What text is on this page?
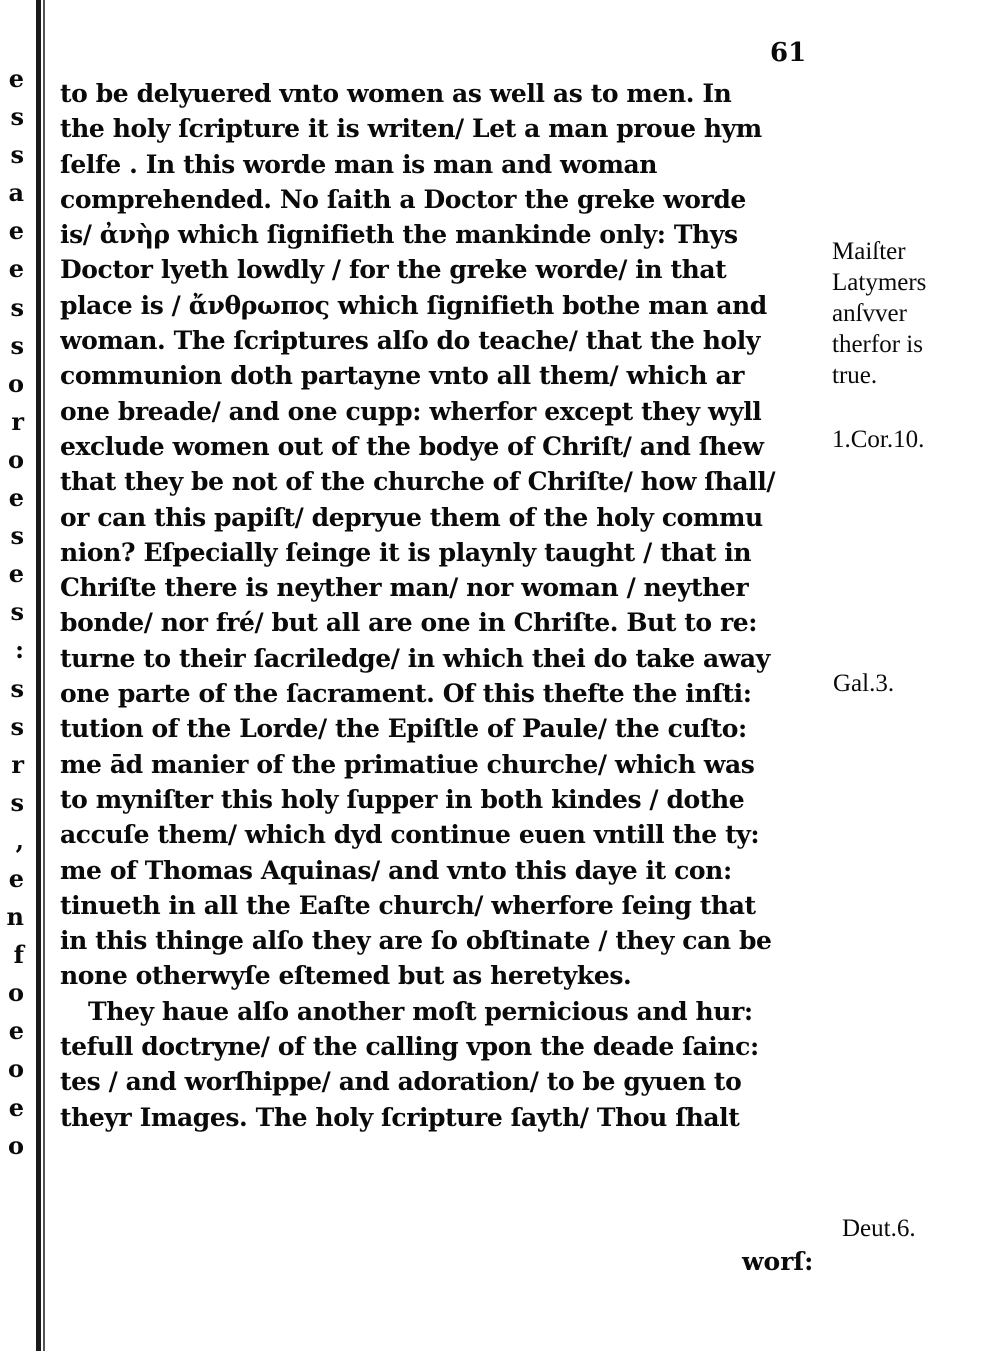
e
s
s
a
e
e
s
s
o
r
o
e
s
e
s
:
s
s
r
s
,
e
n
f
o
e
o
e
o
61
to be delyuered vnto women as well as to men. In
the holy ſcripture it is writen/ Let a man proue hym
ſelfe . In this worde man is man and woman
comprehended. No ſaith a Doctor the greke worde
is/ ἀνὴρ which ſignifieth the mankinde only: Thys
Doctor lyeth lowdly / for the greke worde/ in that
place is / ἄνθρωπος which ſignifieth bothe man and
woman. The ſcriptures alſo do teache/ that the holy
communion doth partayne vnto all them/ which ar
one breade/ and one cupp: wherfor except they wyll
exclude women out of the bodye of Chriſt/ and ſhew
that they be not of the churche of Chriſte/ how ſhall/
or can this papiſt/ depryue them of the holy commu
nion? Eſpecially ſeinge it is playnly taught / that in
Chriſte there is neyther man/ nor woman / neyther
bonde/ nor fré/ but all are one in Chriſte. But to re:
turne to their ſacriledge/ in which thei do take away
one parte of the ſacrament. Of this thefte the inſti:
tution of the Lorde/ the Epiſtle of Paule/ the cuſto:
me ād manier of the primatiue churche/ which was
to myniſter this holy ſupper in both kindes / dothe
accuſe them/ which dyd continue euen vntill the ty:
me of Thomas Aquinas/ and vnto this daye it con:
tinueth in all the Eaſte church/ wherfore ſeing that
in this thinge alſo they are ſo obſtinate / they can be
none otherwyſe eſtemed but as heretykes.
They haue alſo another moſt pernicious and hur:
tefull doctryne/ of the calling vpon the deade ſainc:
tes / and worſhippe/ and adoration/ to be gyuen to
theyr Images. The holy ſcripture ſayth/ Thou ſhalt
worſ:
Maiſter
Latymers
anſvver
therfor is
true.
1.Cor.10.
Gal.3.
Deut.6.
